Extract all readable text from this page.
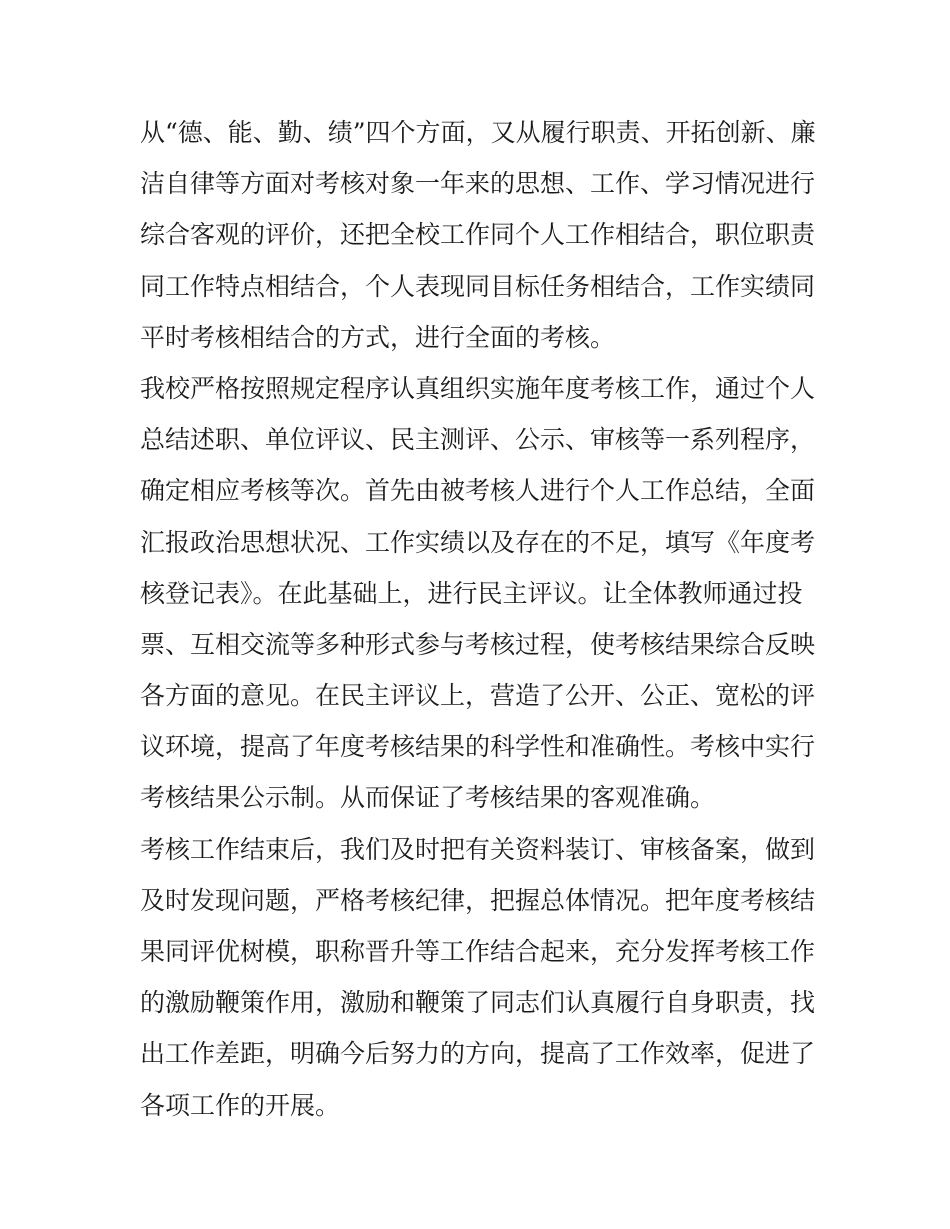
从“德、能、勤、绩”四个方面，又从履行职责、开拓创新、廉
洁自律等方面对考核对象一年来的思想、工作、学习情况进行
综合客观的评价，还把全校工作同个人工作相结合，职位职责
同工作特点相结合，个人表现同目标任务相结合，工作实绩同
平时考核相结合的方式，进行全面的考核。
我校严格按照规定程序认真组织实施年度考核工作，通过个人
总结述职、单位评议、民主测评、公示、审核等一系列程序，
确定相应考核等次。首先由被考核人进行个人工作总结，全面
汇报政治思想状况、工作实绩以及存在的不足，填写《年度考
核登记表》。在此基础上，进行民主评议。让全体教师通过投
票、互相交流等多种形式参与考核过程，使考核结果综合反映
各方面的意见。在民主评议上，营造了公开、公正、宽松的评
议环境，提高了年度考核结果的科学性和准确性。考核中实行
考核结果公示制。从而保证了考核结果的客观准确。
考核工作结束后，我们及时把有关资料装订、审核备案，做到
及时发现问题，严格考核纪律，把握总体情况。把年度考核结
果同评优树模，职称晋升等工作结合起来，充分发挥考核工作
的激励鞭策作用，激励和鞭策了同志们认真履行自身职责，找
出工作差距，明确今后努力的方向，提高了工作效率，促进了
各项工作的开展。
